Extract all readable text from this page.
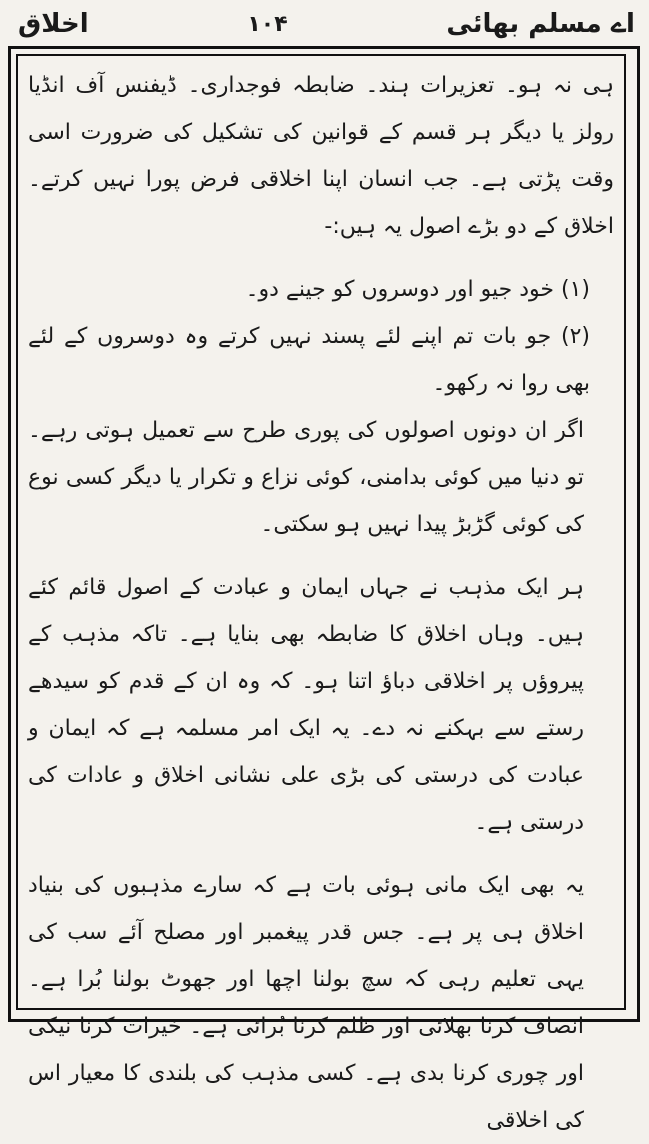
اخلاق	۱۰۴	اے مسلم بھائی

ہی نہ ہو۔ تعزیرات ہند۔ ضابطہ فوجداری۔ ڈیفنس آف انڈیا رولز یا دیگر ہر قسم کے قوانین کی تشکیل کی ضرورت اسی وقت پڑتی ہے۔ جب انسان اپنا اخلاقی فرض پورا نہیں کرتے۔ اخلاق کے دو بڑے اصول یہ ہیں:-

(۱) خود جیو اور دوسروں کو جینے دو۔

(۲) جو بات تم اپنے لئے پسند نہیں کرتے وہ دوسروں کے لئے بھی روا نہ رکھو۔

اگر ان دونوں اصولوں کی پوری طرح سے تعمیل ہوتی رہے۔ تو دنیا میں کوئی بدامنی، کوئی نزاع و تکرار یا دیگر کسی نوع کی کوئی گڑبڑ پیدا نہیں ہو سکتی۔

ہر ایک مذہب نے جہاں ایمان و عبادت کے اصول قائم کئے ہیں۔ وہاں اخلاق کا ضابطہ بھی بنایا ہے۔ تاکہ مذہب کے پیروؤں پر اخلاقی دباؤ اتنا ہو۔ کہ وہ ان کے قدم کو سیدھے رستے سے بہکنے نہ دے۔ یہ ایک امر مسلمہ ہے کہ ایمان و عبادت کی درستی کی بڑی علی نشانی اخلاق و عادات کی درستی ہے۔

یہ بھی ایک مانی ہوئی بات ہے کہ سارے مذہبوں کی بنیاد اخلاق ہی پر ہے۔ جس قدر پیغمبر اور مصلح آئے سب کی یہی تعلیم رہی کہ سچ بولنا اچھا اور جھوٹ بولنا بُرا ہے۔ انصاف کرنا بھلائی اور ظلم کرنا بُرائی ہے۔ خیرات کرنا نیکی اور چوری کرنا بدی ہے۔ کسی مذہب کی بلندی کا معیار اس کی اخلاقی
